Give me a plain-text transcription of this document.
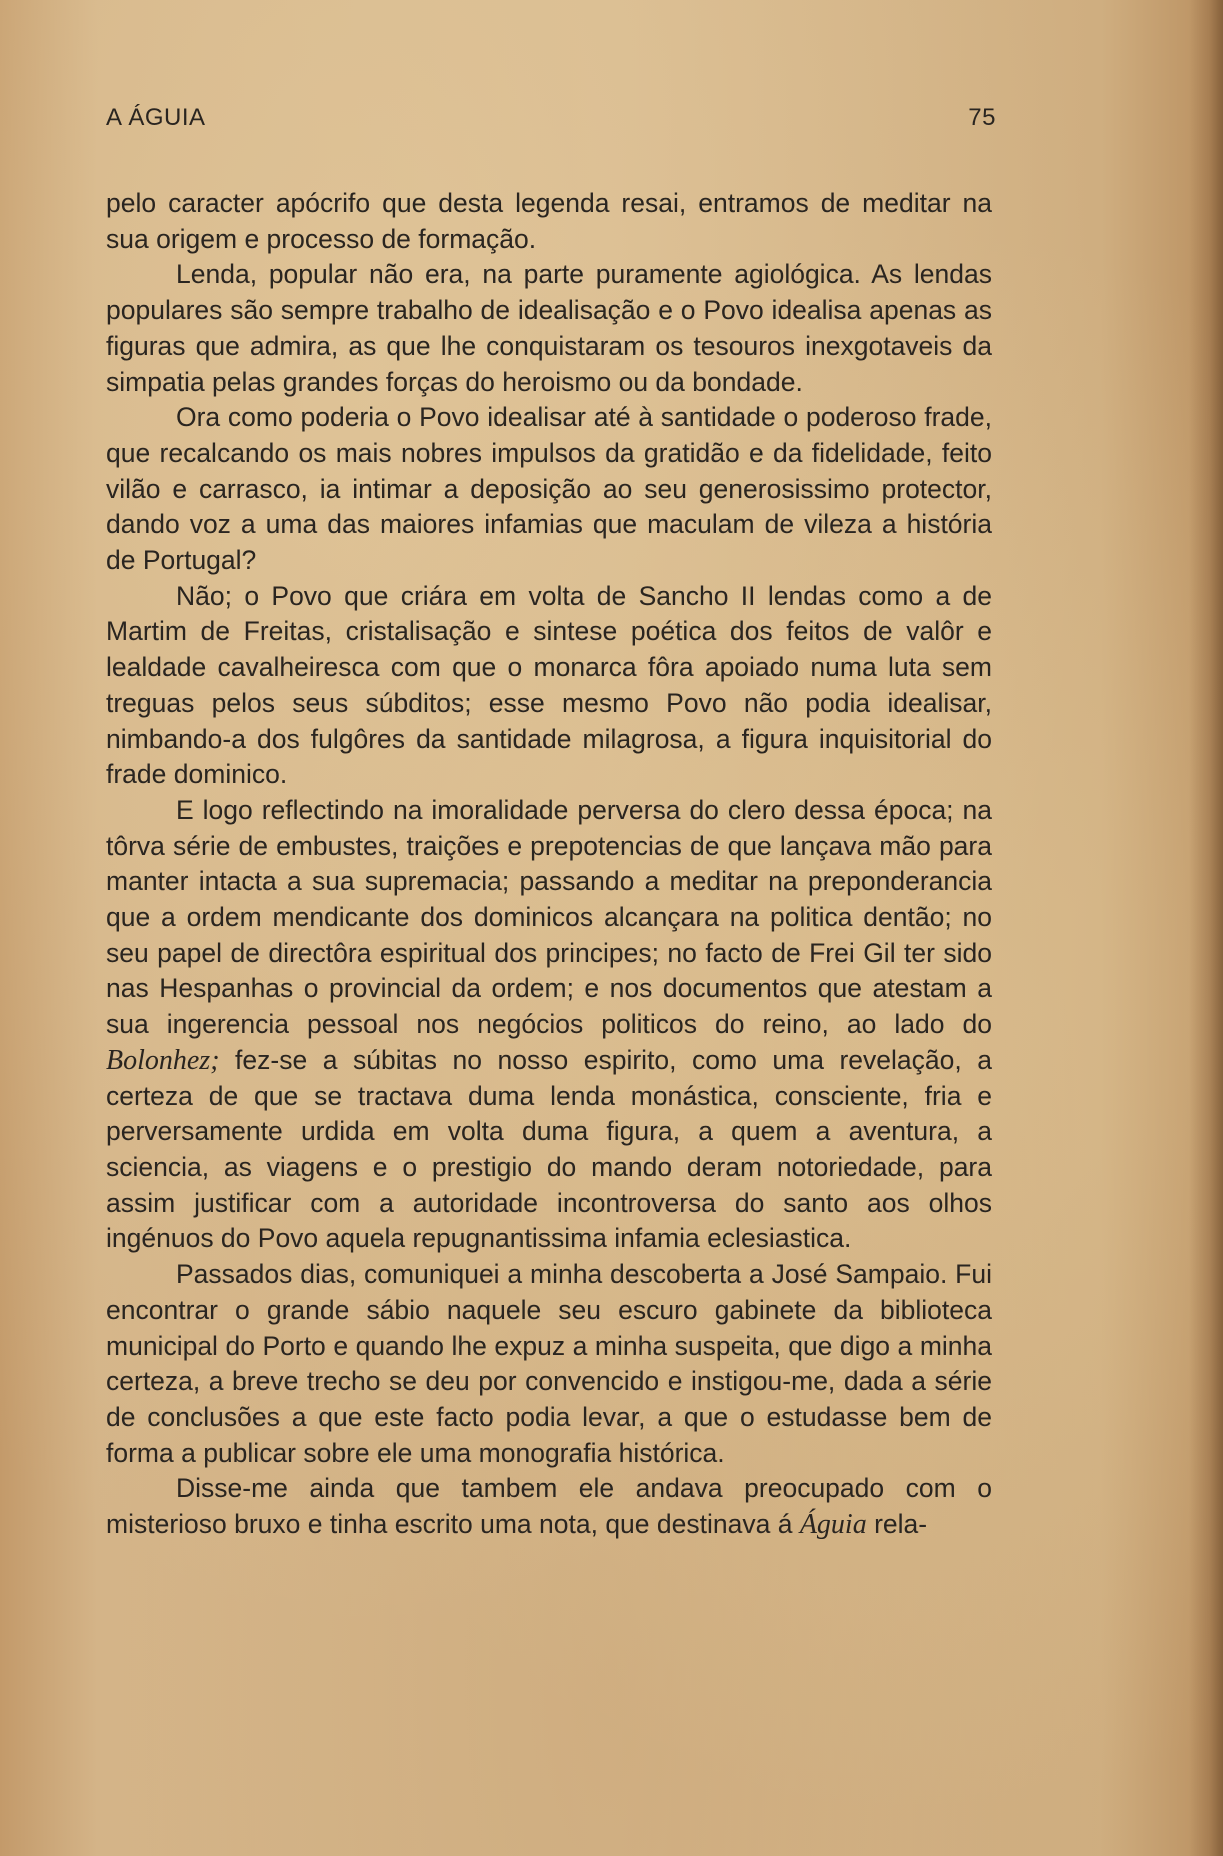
A ÁGUIA	75

pelo caracter apócrifo que desta legenda resai, entramos de meditar na sua origem e processo de formação.

Lenda, popular não era, na parte puramente agiológica. As lendas populares são sempre trabalho de idealisação e o Povo idealisa apenas as figuras que admira, as que lhe conquistaram os tesouros inexgotaveis da simpatia pelas grandes forças do heroismo ou da bondade.

Ora como poderia o Povo idealisar até à santidade o poderoso frade, que recalcando os mais nobres impulsos da gratidão e da fidelidade, feito vilão e carrasco, ia intimar a deposição ao seu generosissimo protector, dando voz a uma das maiores infamias que maculam de vileza a história de Portugal?

Não; o Povo que criára em volta de Sancho II lendas como a de Martim de Freitas, cristalisação e sintese poética dos feitos de valôr e lealdade cavalheiresca com que o monarca fôra apoiado numa luta sem treguas pelos seus súbditos; esse mesmo Povo não podia idealisar, nimbando-a dos fulgôres da santidade milagrosa, a figura inquisitorial do frade dominico.

E logo reflectindo na imoralidade perversa do clero dessa época; na tôrva série de embustes, traições e prepotencias de que lançava mão para manter intacta a sua supremacia; passando a meditar na preponderancia que a ordem mendicante dos dominicos alcançara na politica dentão; no seu papel de directôra espiritual dos principes; no facto de Frei Gil ter sido nas Hespanhas o provincial da ordem; e nos documentos que atestam a sua ingerencia pessoal nos negócios politicos do reino, ao lado do Bolonhez; fez-se a súbitas no nosso espirito, como uma revelação, a certeza de que se tractava duma lenda monástica, consciente, fria e perversamente urdida em volta duma figura, a quem a aventura, a sciencia, as viagens e o prestigio do mando deram notoriedade, para assim justificar com a autoridade incontroversa do santo aos olhos ingénuos do Povo aquela repugnantissima infamia eclesiastica.

Passados dias, comuniquei a minha descoberta a José Sampaio. Fui encontrar o grande sábio naquele seu escuro gabinete da biblioteca municipal do Porto e quando lhe expuz a minha suspeita, que digo a minha certeza, a breve trecho se deu por convencido e instigou-me, dada a série de conclusões a que este facto podia levar, a que o estudasse bem de forma a publicar sobre ele uma monografia histórica.

Disse-me ainda que tambem ele andava preocupado com o misterioso bruxo e tinha escrito uma nota, que destinava á Águia rela-
